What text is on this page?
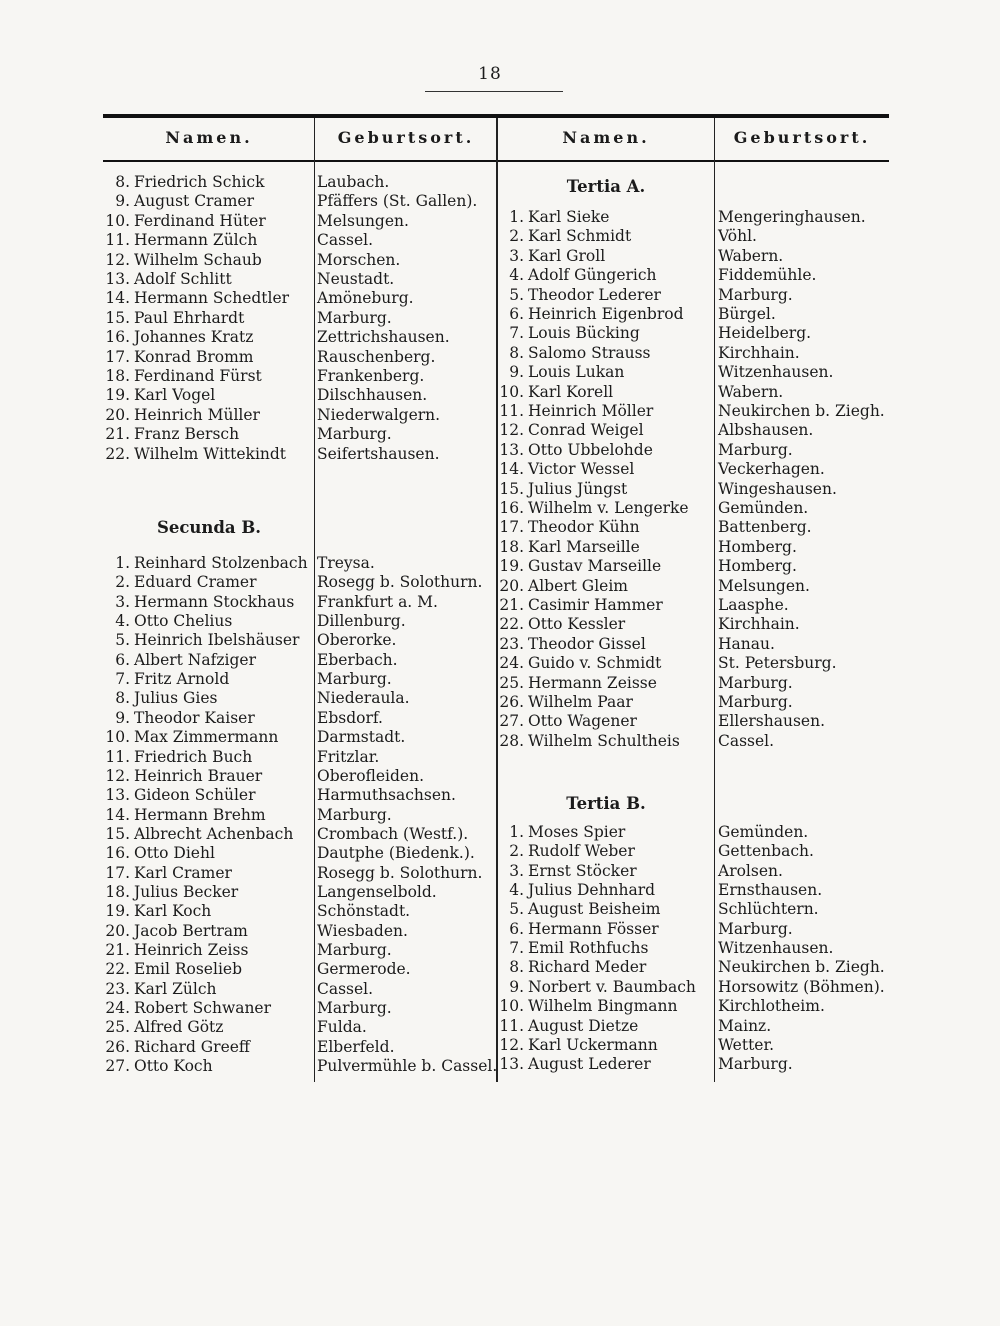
18
Namen.	Geburtsort.	Namen.	Geburtsort.
8. Friedrich Schick	Laubach.
9. August Cramer	Pfäffers (St. Gallen).
10. Ferdinand Hüter	Melsungen.
11. Hermann Zülch	Cassel.
12. Wilhelm Schaub	Morschen.
13. Adolf Schlitt	Neustadt.
14. Hermann Schedtler Amöneburg.
15. Paul Ehrhardt	Marburg.
16. Johannes Kratz	Zettrichshausen.
17. Konrad Bromm	Rauschenberg.
18. Ferdinand Fürst	Frankenberg.
19. Karl Vogel	Dilschhausen.
20. Heinrich Müller	Niederwalgern.
21. Franz Bersch	Marburg.
22. Wilhelm Wittekindt Seifertshausen.
Secunda B.
1. Reinhard Stolzenbach Treysa.
2. Eduard Cramer	Rosegg b. Solothurn.
3. Hermann Stockhaus Frankfurt a. M.
4. Otto Chelius	Dillenburg.
5. Heinrich Ibelshäuser Oberorke.
6. Albert Nafziger	Eberbach.
7. Fritz Arnold	Marburg.
8. Julius Gies	Niederaula.
9. Theodor Kaiser	Ebsdorf.
10. Max Zimmermann Darmstadt.
11. Friedrich Buch	Fritzlar.
12. Heinrich Brauer	Oberofleiden.
13. Gideon Schüler	Harmuthsachsen.
14. Hermann Brehm	Marburg.
15. Albrecht Achenbach Crombach (Westf.).
16. Otto Diehl	Dautphe (Biedenk.).
17. Karl Cramer	Rosegg b. Solothurn.
18. Julius Becker	Langenselbold.
19. Karl Koch	Schönstadt.
20. Jacob Bertram	Wiesbaden.
21. Heinrich Zeiss	Marburg.
22. Emil Roselieb	Germerode.
23. Karl Zülch	Cassel.
24. Robert Schwaner	Marburg.
25. Alfred Götz	Fulda.
26. Richard Greeff	Elberfeld.
27. Otto Koch	Pulvermühle b. Cassel.
Tertia A.
1. Karl Sieke	Mengeringhausen.
2. Karl Schmidt	Vöhl.
3. Karl Groll	Wabern.
4. Adolf Güngerich	Fiddemühle.
5. Theodor Lederer	Marburg.
6. Heinrich Eigenbrod Bürgel.
7. Louis Bücking	Heidelberg.
8. Salomo Strauss	Kirchhain.
9. Louis Lukan	Witzenhausen.
10. Karl Korell	Wabern.
11. Heinrich Möller	Neukirchen b. Ziegh.
12. Conrad Weigel	Albshausen.
13. Otto Ubbelohde	Marburg.
14. Victor Wessel	Veckerhagen.
15. Julius Jüngst	Wingeshausen.
16. Wilhelm v. Lengerke Gemünden.
17. Theodor Kühn	Battenberg.
18. Karl Marseille	Homberg.
19. Gustav Marseille	Homberg.
20. Albert Gleim	Melsungen.
21. Casimir Hammer	Laasphe.
22. Otto Kessler	Kirchhain.
23. Theodor Gissel	Hanau.
24. Guido v. Schmidt	St. Petersburg.
25. Hermann Zeisse	Marburg.
26. Wilhelm Paar	Marburg.
27. Otto Wagener	Ellershausen.
28. Wilhelm Schultheis Cassel.
Tertia B.
1. Moses Spier	Gemünden.
2. Rudolf Weber	Gettenbach.
3. Ernst Stöcker	Arolsen.
4. Julius Dehnhard	Ernsthausen.
5. August Beisheim	Schlüchtern.
6. Hermann Fösser	Marburg.
7. Emil Rothfuchs	Witzenhausen.
8. Richard Meder	Neukirchen b. Ziegh.
9. Norbert v. Baumbach Horsowitz (Böhmen).
10. Wilhelm Bingmann	Kirchlotheim.
11. August Dietze	Mainz.
12. Karl Uckermann	Wetter.
13. August Lederer	Marburg.
